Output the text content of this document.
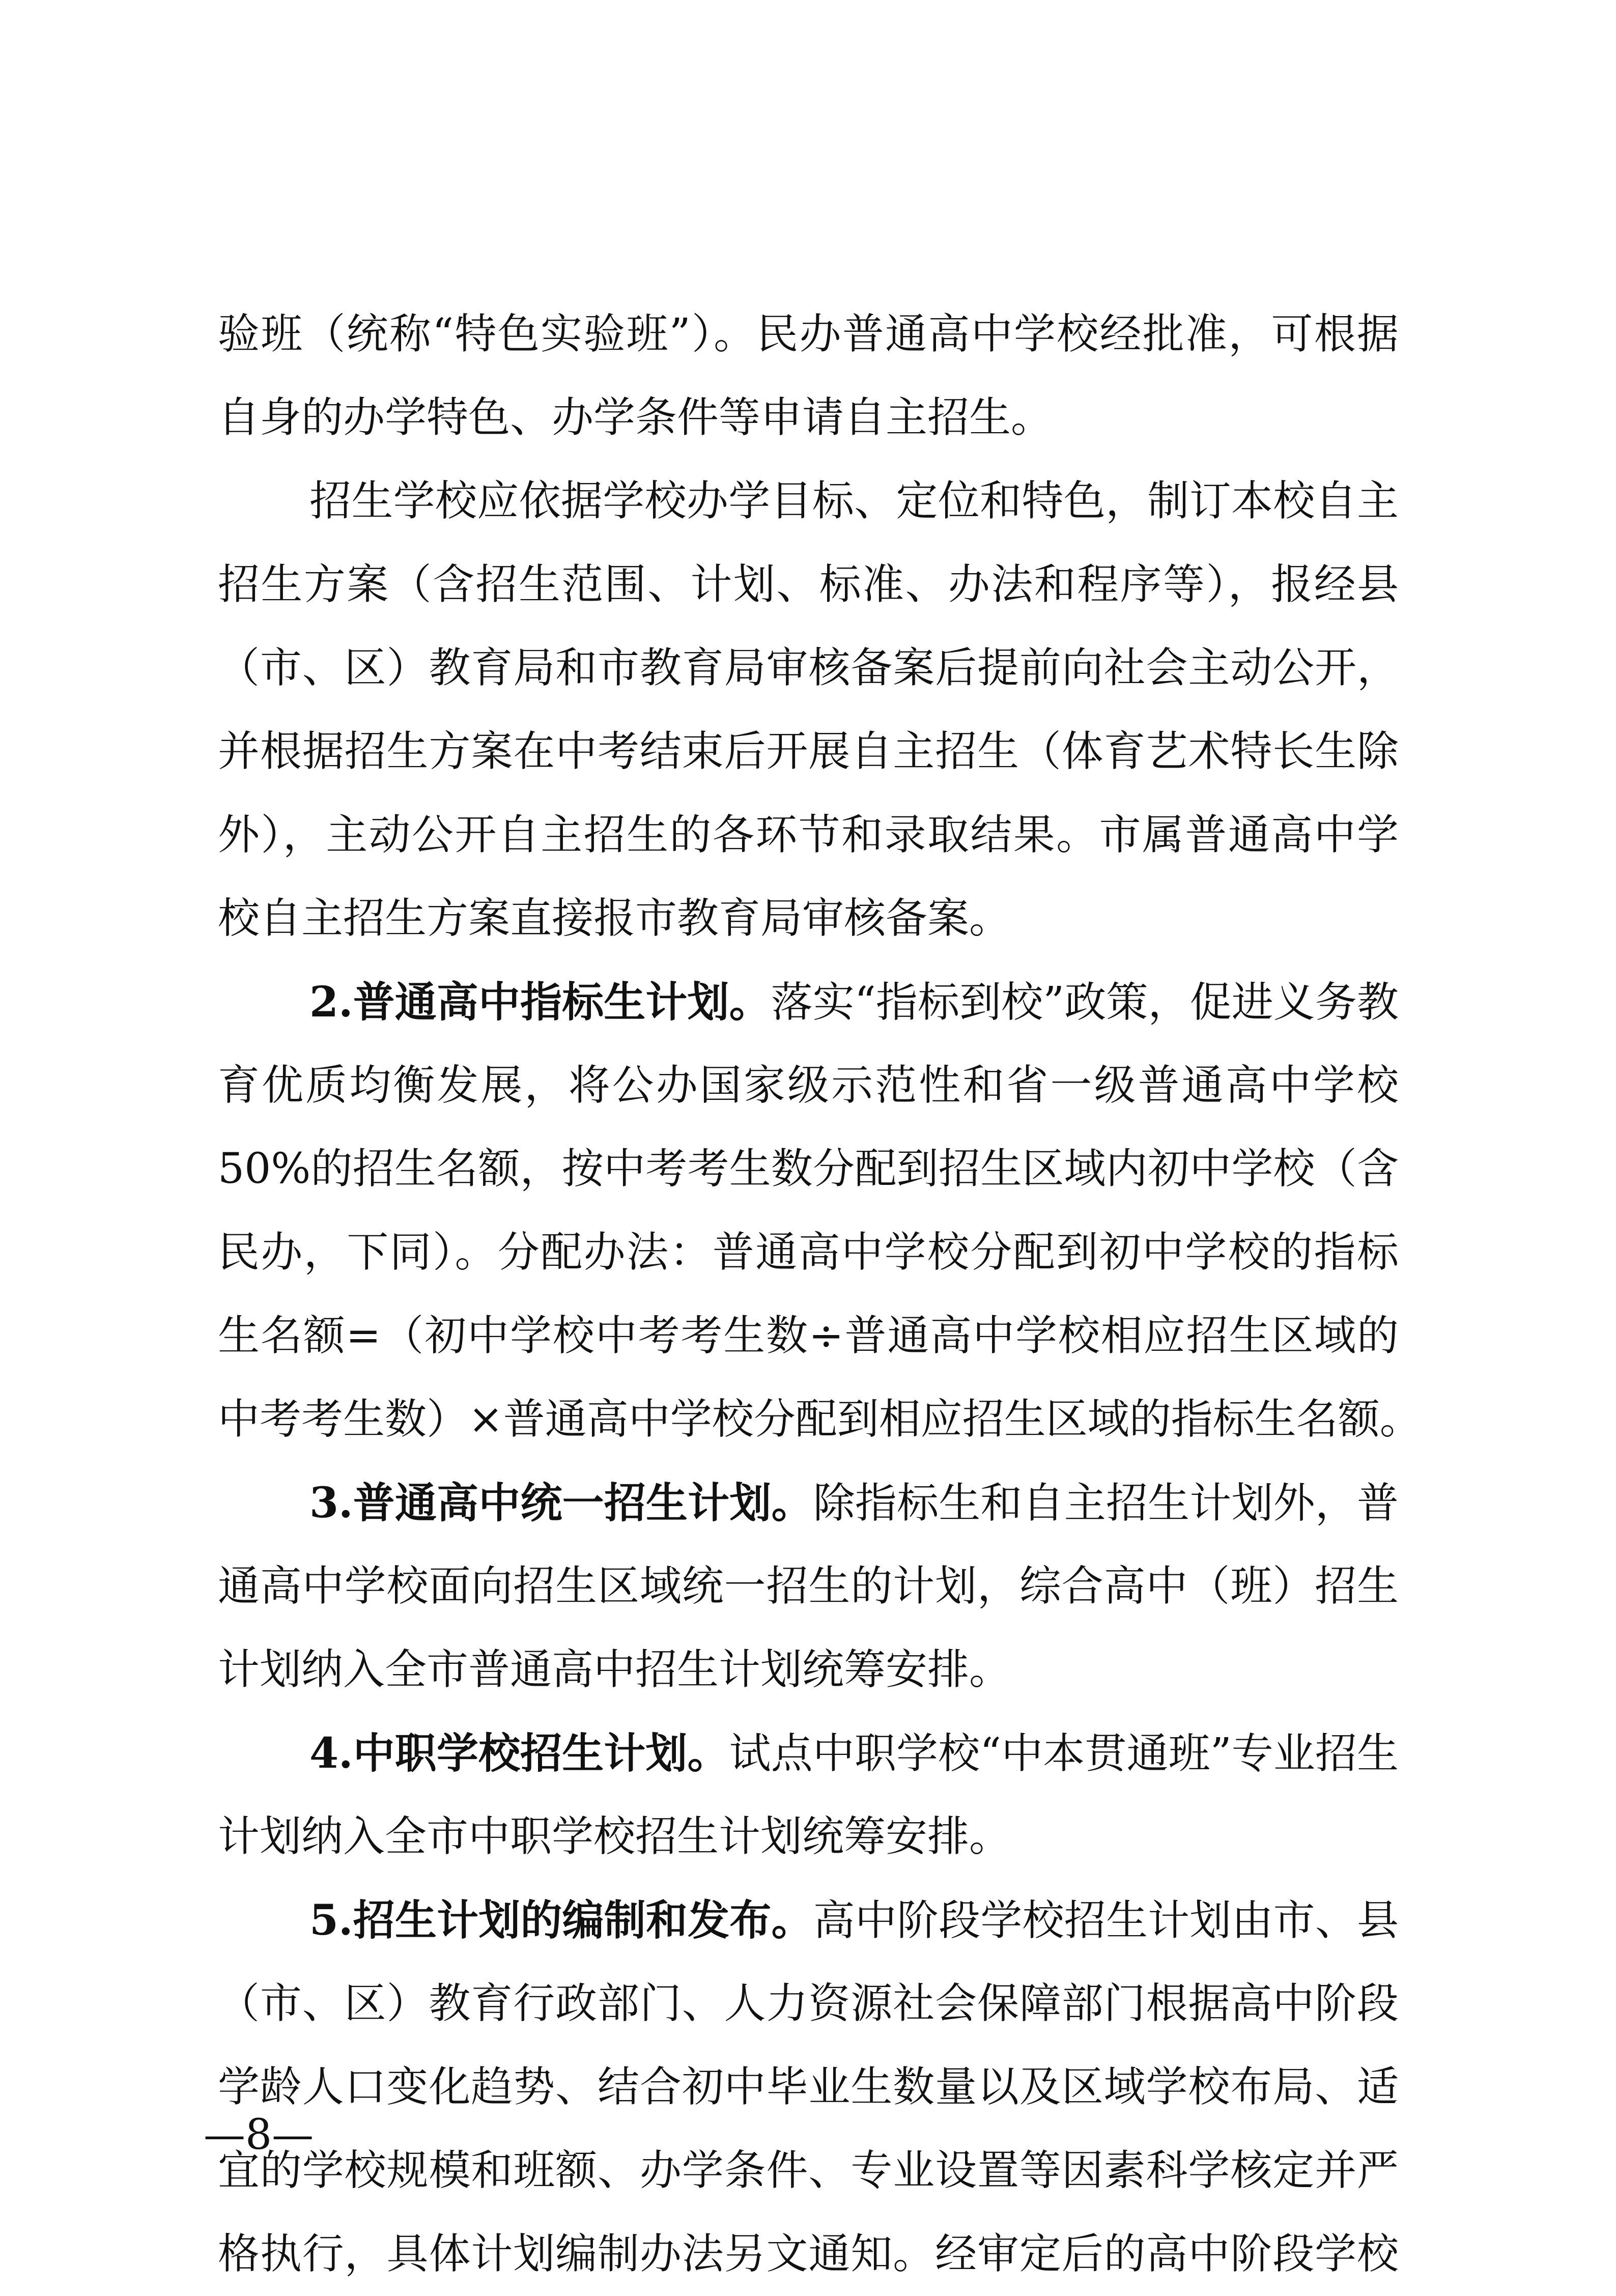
验班（统称“特色实验班”）。民办普通高中学校经批准，可根据
自身的办学特色、办学条件等申请自主招生。
招生学校应依据学校办学目标、定位和特色，制订本校自主
招生方案（含招生范围、计划、标准、办法和程序等），报经县
（市、区）教育局和市教育局审核备案后提前向社会主动公开，
并根据招生方案在中考结束后开展自主招生（体育艺术特长生除
外），主动公开自主招生的各环节和录取结果。市属普通高中学
校自主招生方案直接报市教育局审核备案。
2.普通高中指标生计划。落实“指标到校”政策，促进义务教
育优质均衡发展，将公办国家级示范性和省一级普通高中学校
50%的招生名额，按中考考生数分配到招生区域内初中学校（含
民办，下同）。分配办法：普通高中学校分配到初中学校的指标
生名额=（初中学校中考考生数÷普通高中学校相应招生区域的
中考考生数）×普通高中学校分配到相应招生区域的指标生名额。
3.普通高中统一招生计划。除指标生和自主招生计划外，普
通高中学校面向招生区域统一招生的计划，综合高中（班）招生
计划纳入全市普通高中招生计划统筹安排。
4.中职学校招生计划。试点中职学校“中本贯通班”专业招生
计划纳入全市中职学校招生计划统筹安排。
5.招生计划的编制和发布。高中阶段学校招生计划由市、县
（市、区）教育行政部门、人力资源社会保障部门根据高中阶段
学龄人口变化趋势、结合初中毕业生数量以及区域学校布局、适
宜的学校规模和班额、办学条件、专业设置等因素科学核定并严
格执行，具体计划编制办法另文通知。经审定后的高中阶段学校
—8—
